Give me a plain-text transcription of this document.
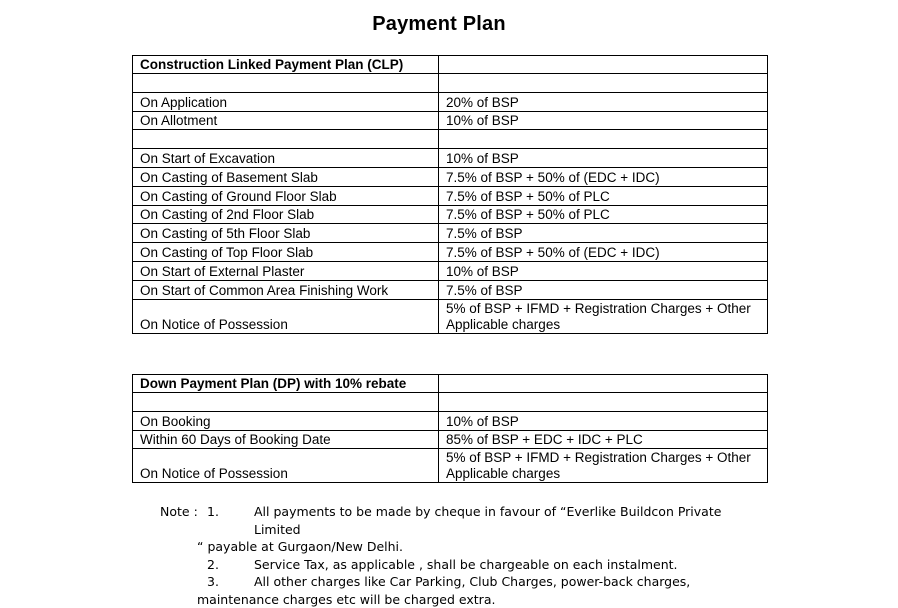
Payment Plan
Construction Linked Payment Plan (CLP)	

On Application	20% of BSP
On Allotment	10% of BSP

On Start of Excavation	10% of BSP
On Casting of Basement Slab	7.5% of BSP + 50% of (EDC + IDC)
On Casting of Ground Floor Slab	7.5% of BSP + 50% of PLC
On Casting of 2nd Floor Slab	7.5% of BSP + 50% of PLC
On Casting of 5th Floor Slab	7.5% of BSP
On Casting of Top Floor Slab	7.5% of BSP + 50% of (EDC + IDC)
On Start of External Plaster	10% of BSP
On Start of Common Area Finishing Work	7.5% of BSP
On Notice of Possession	5% of BSP + IFMD + Registration Charges + Other Applicable charges
Down Payment Plan (DP) with 10% rebate	

On Booking	10% of BSP
Within 60 Days of Booking Date	85% of BSP + EDC + IDC + PLC
On Notice of Possession	5% of BSP + IFMD + Registration Charges + Other Applicable charges
Note : 1.	All payments to be made by cheque in favour of “Everlike Buildcon Private Limited
“ payable at Gurgaon/New Delhi.
2.	Service Tax, as applicable , shall be chargeable on each instalment.
3.	All other charges like Car Parking, Club Charges, power-back charges, maintenance charges etc will be charged extra.
